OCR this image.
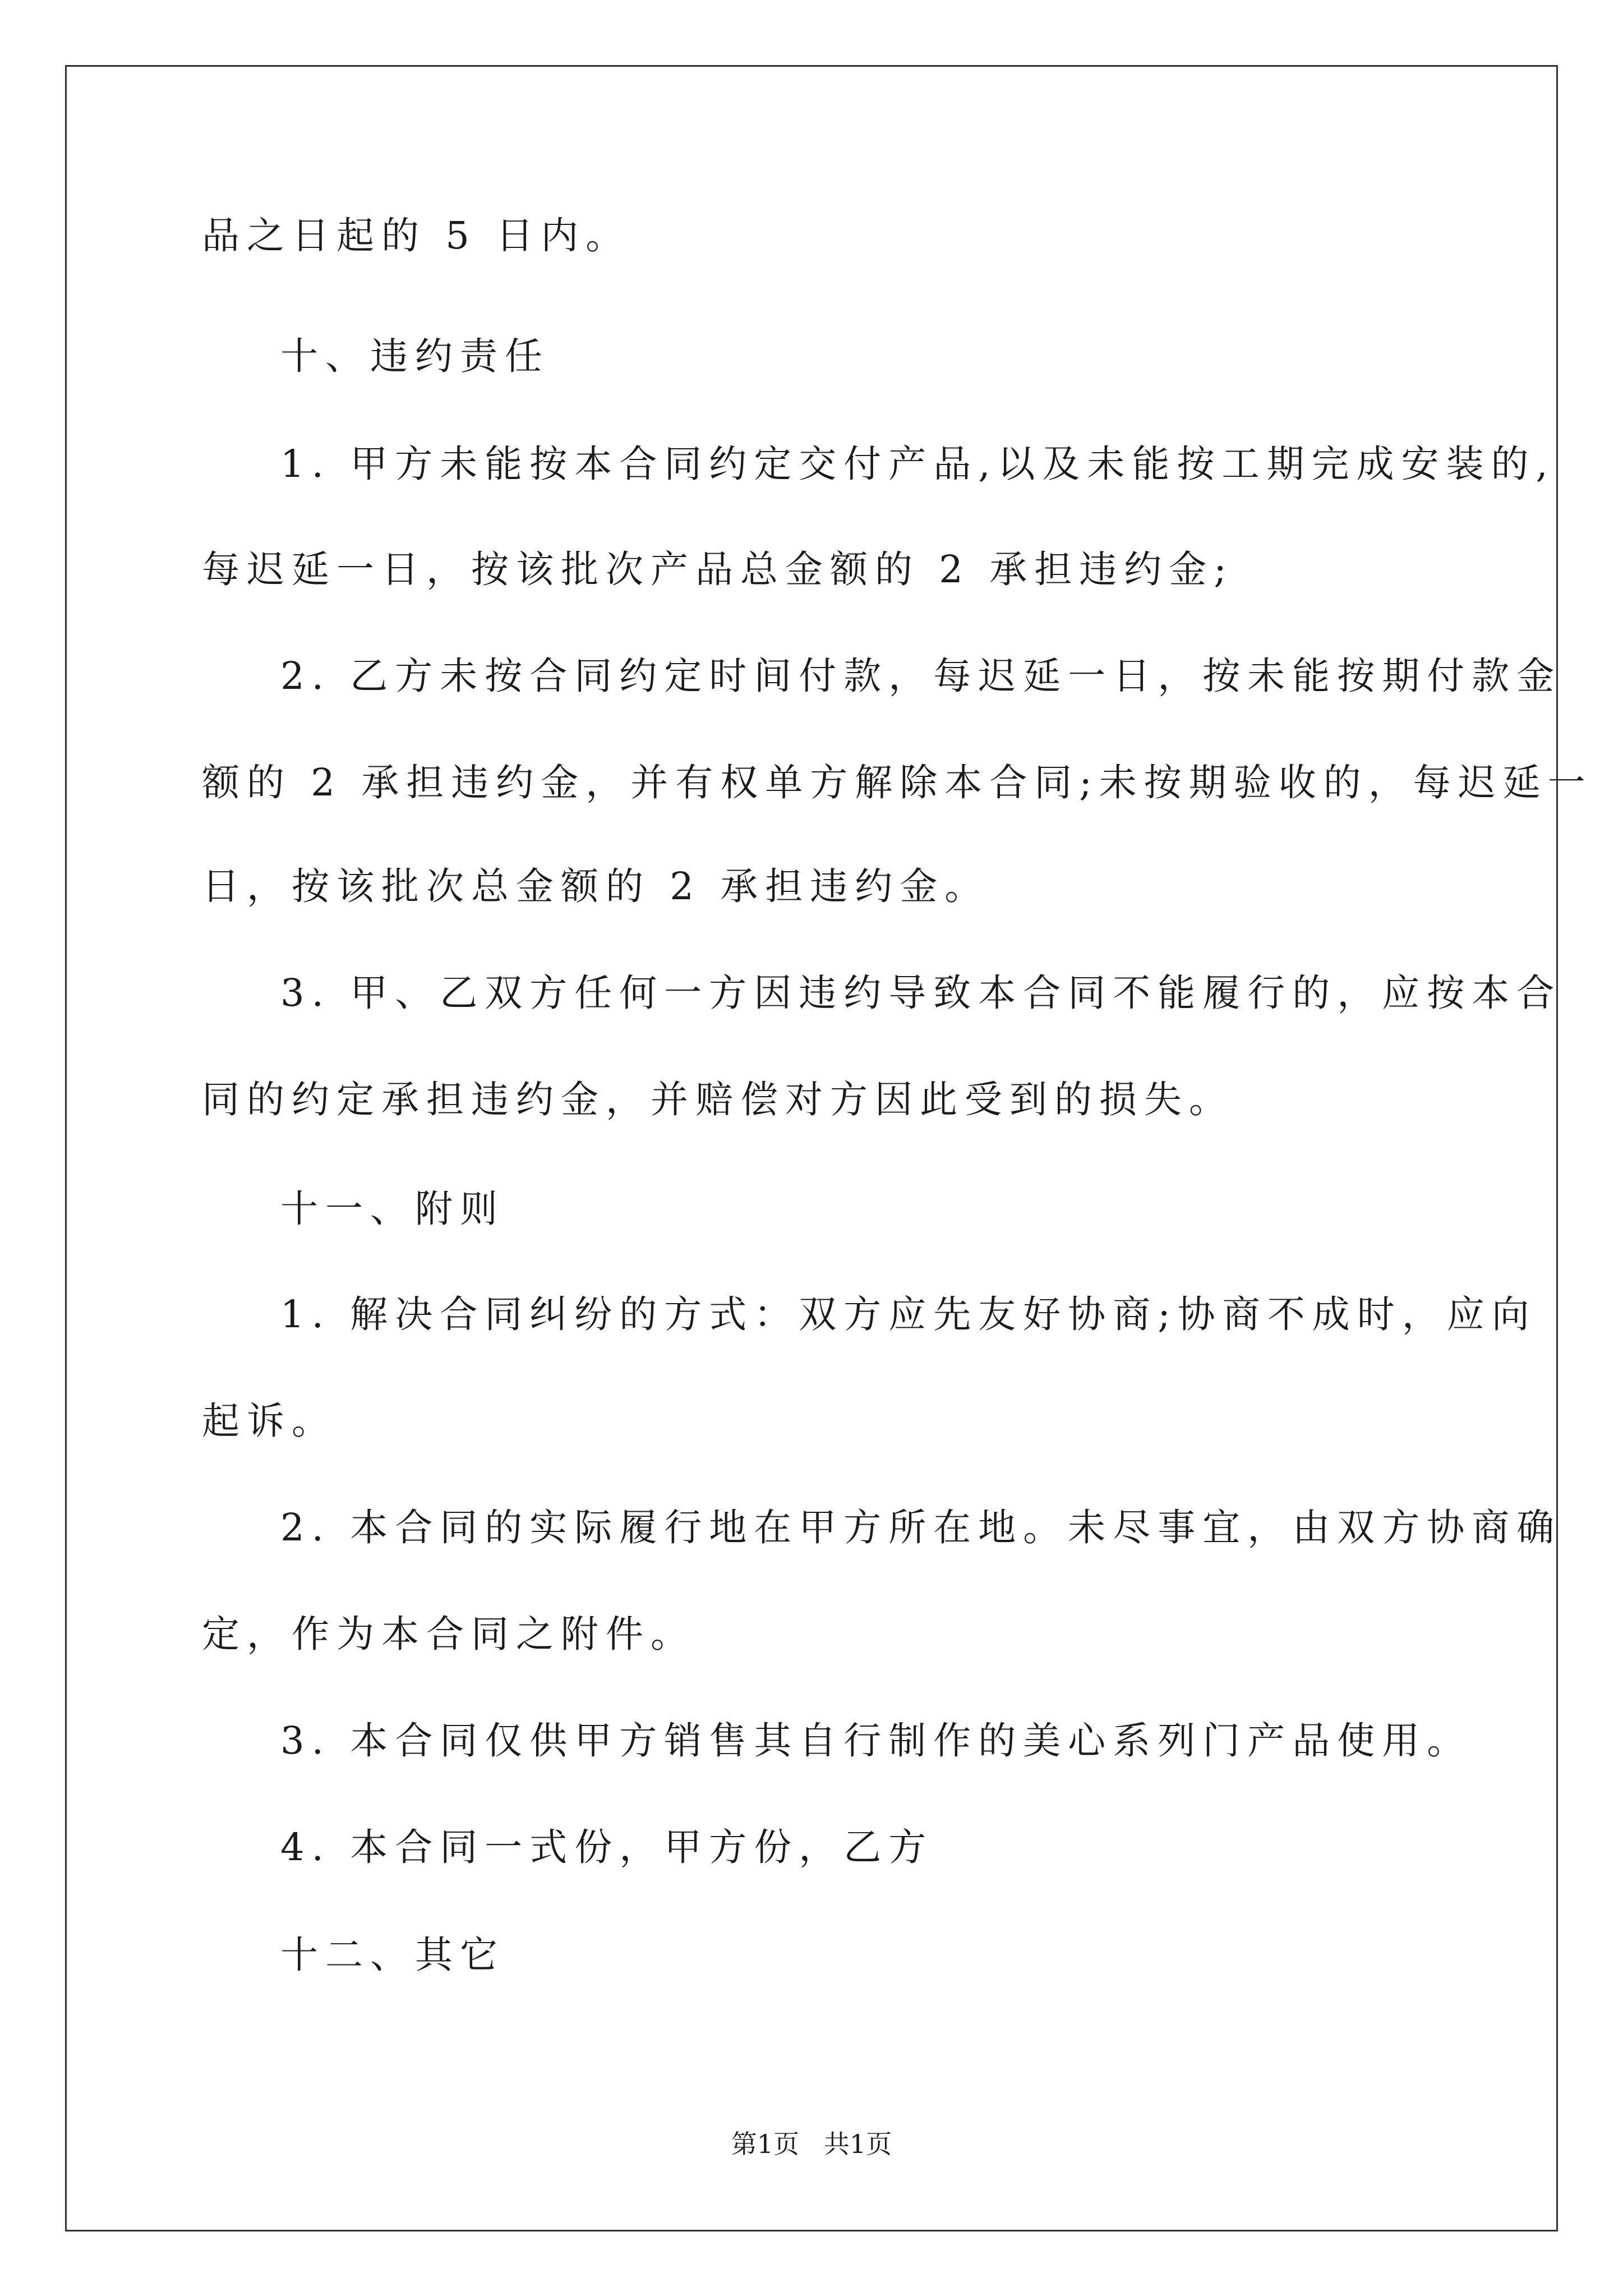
品之日起的 5 日内。
十、违约责任
1. 甲方未能按本合同约定交付产品,以及未能按工期完成安装的,
每迟延一日，按该批次产品总金额的 2 承担违约金;
2. 乙方未按合同约定时间付款，每迟延一日，按未能按期付款金
额的 2 承担违约金，并有权单方解除本合同;未按期验收的，每迟延一
日，按该批次总金额的 2 承担违约金。
3. 甲、乙双方任何一方因违约导致本合同不能履行的，应按本合
同的约定承担违约金，并赔偿对方因此受到的损失。
十一、附则
1. 解决合同纠纷的方式：双方应先友好协商;协商不成时，应向
起诉。
2. 本合同的实际履行地在甲方所在地。未尽事宜，由双方协商确
定，作为本合同之附件。
3. 本合同仅供甲方销售其自行制作的美心系列门产品使用。
4. 本合同一式份，甲方份，乙方
十二、其它
第1页   共1页
